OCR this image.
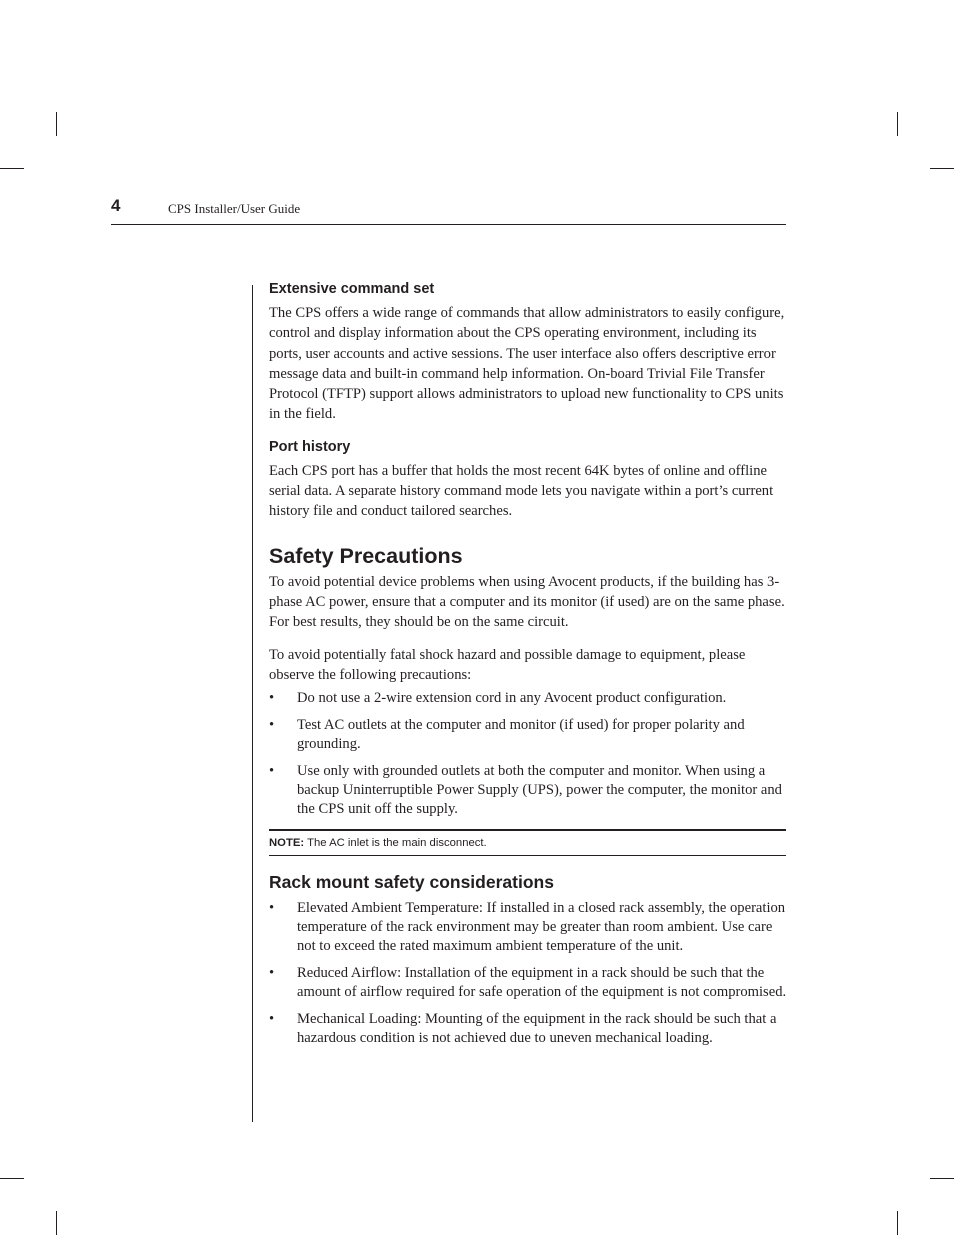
4	CPS Installer/User Guide
Extensive command set

The CPS offers a wide range of commands that allow administrators to easily configure, control and display information about the CPS operating environment, including its ports, user accounts and active sessions. The user interface also offers descriptive error message data and built-in command help information. On-board Trivial File Transfer Protocol (TFTP) support allows administrators to upload new functionality to CPS units in the field.

Port history

Each CPS port has a buffer that holds the most recent 64K bytes of online and offline serial data. A separate history command mode lets you navigate within a port’s current history file and conduct tailored searches.

Safety Precautions

To avoid potential device problems when using Avocent products, if the building has 3-phase AC power, ensure that a computer and its monitor (if used) are on the same phase. For best results, they should be on the same circuit.

To avoid potentially fatal shock hazard and possible damage to equipment, please observe the following precautions:

• Do not use a 2-wire extension cord in any Avocent product configuration.
• Test AC outlets at the computer and monitor (if used) for proper polarity and grounding.
• Use only with grounded outlets at both the computer and monitor. When using a backup Uninterruptible Power Supply (UPS), power the computer, the monitor and the CPS unit off the supply.
NOTE: The AC inlet is the main disconnect.
Rack mount safety considerations
• Elevated Ambient Temperature: If installed in a closed rack assembly, the operation temperature of the rack environment may be greater than room ambient. Use care not to exceed the rated maximum ambient temperature of the unit.
• Reduced Airflow: Installation of the equipment in a rack should be such that the amount of airflow required for safe operation of the equipment is not compromised.
• Mechanical Loading: Mounting of the equipment in the rack should be such that a hazardous condition is not achieved due to uneven mechanical loading.
